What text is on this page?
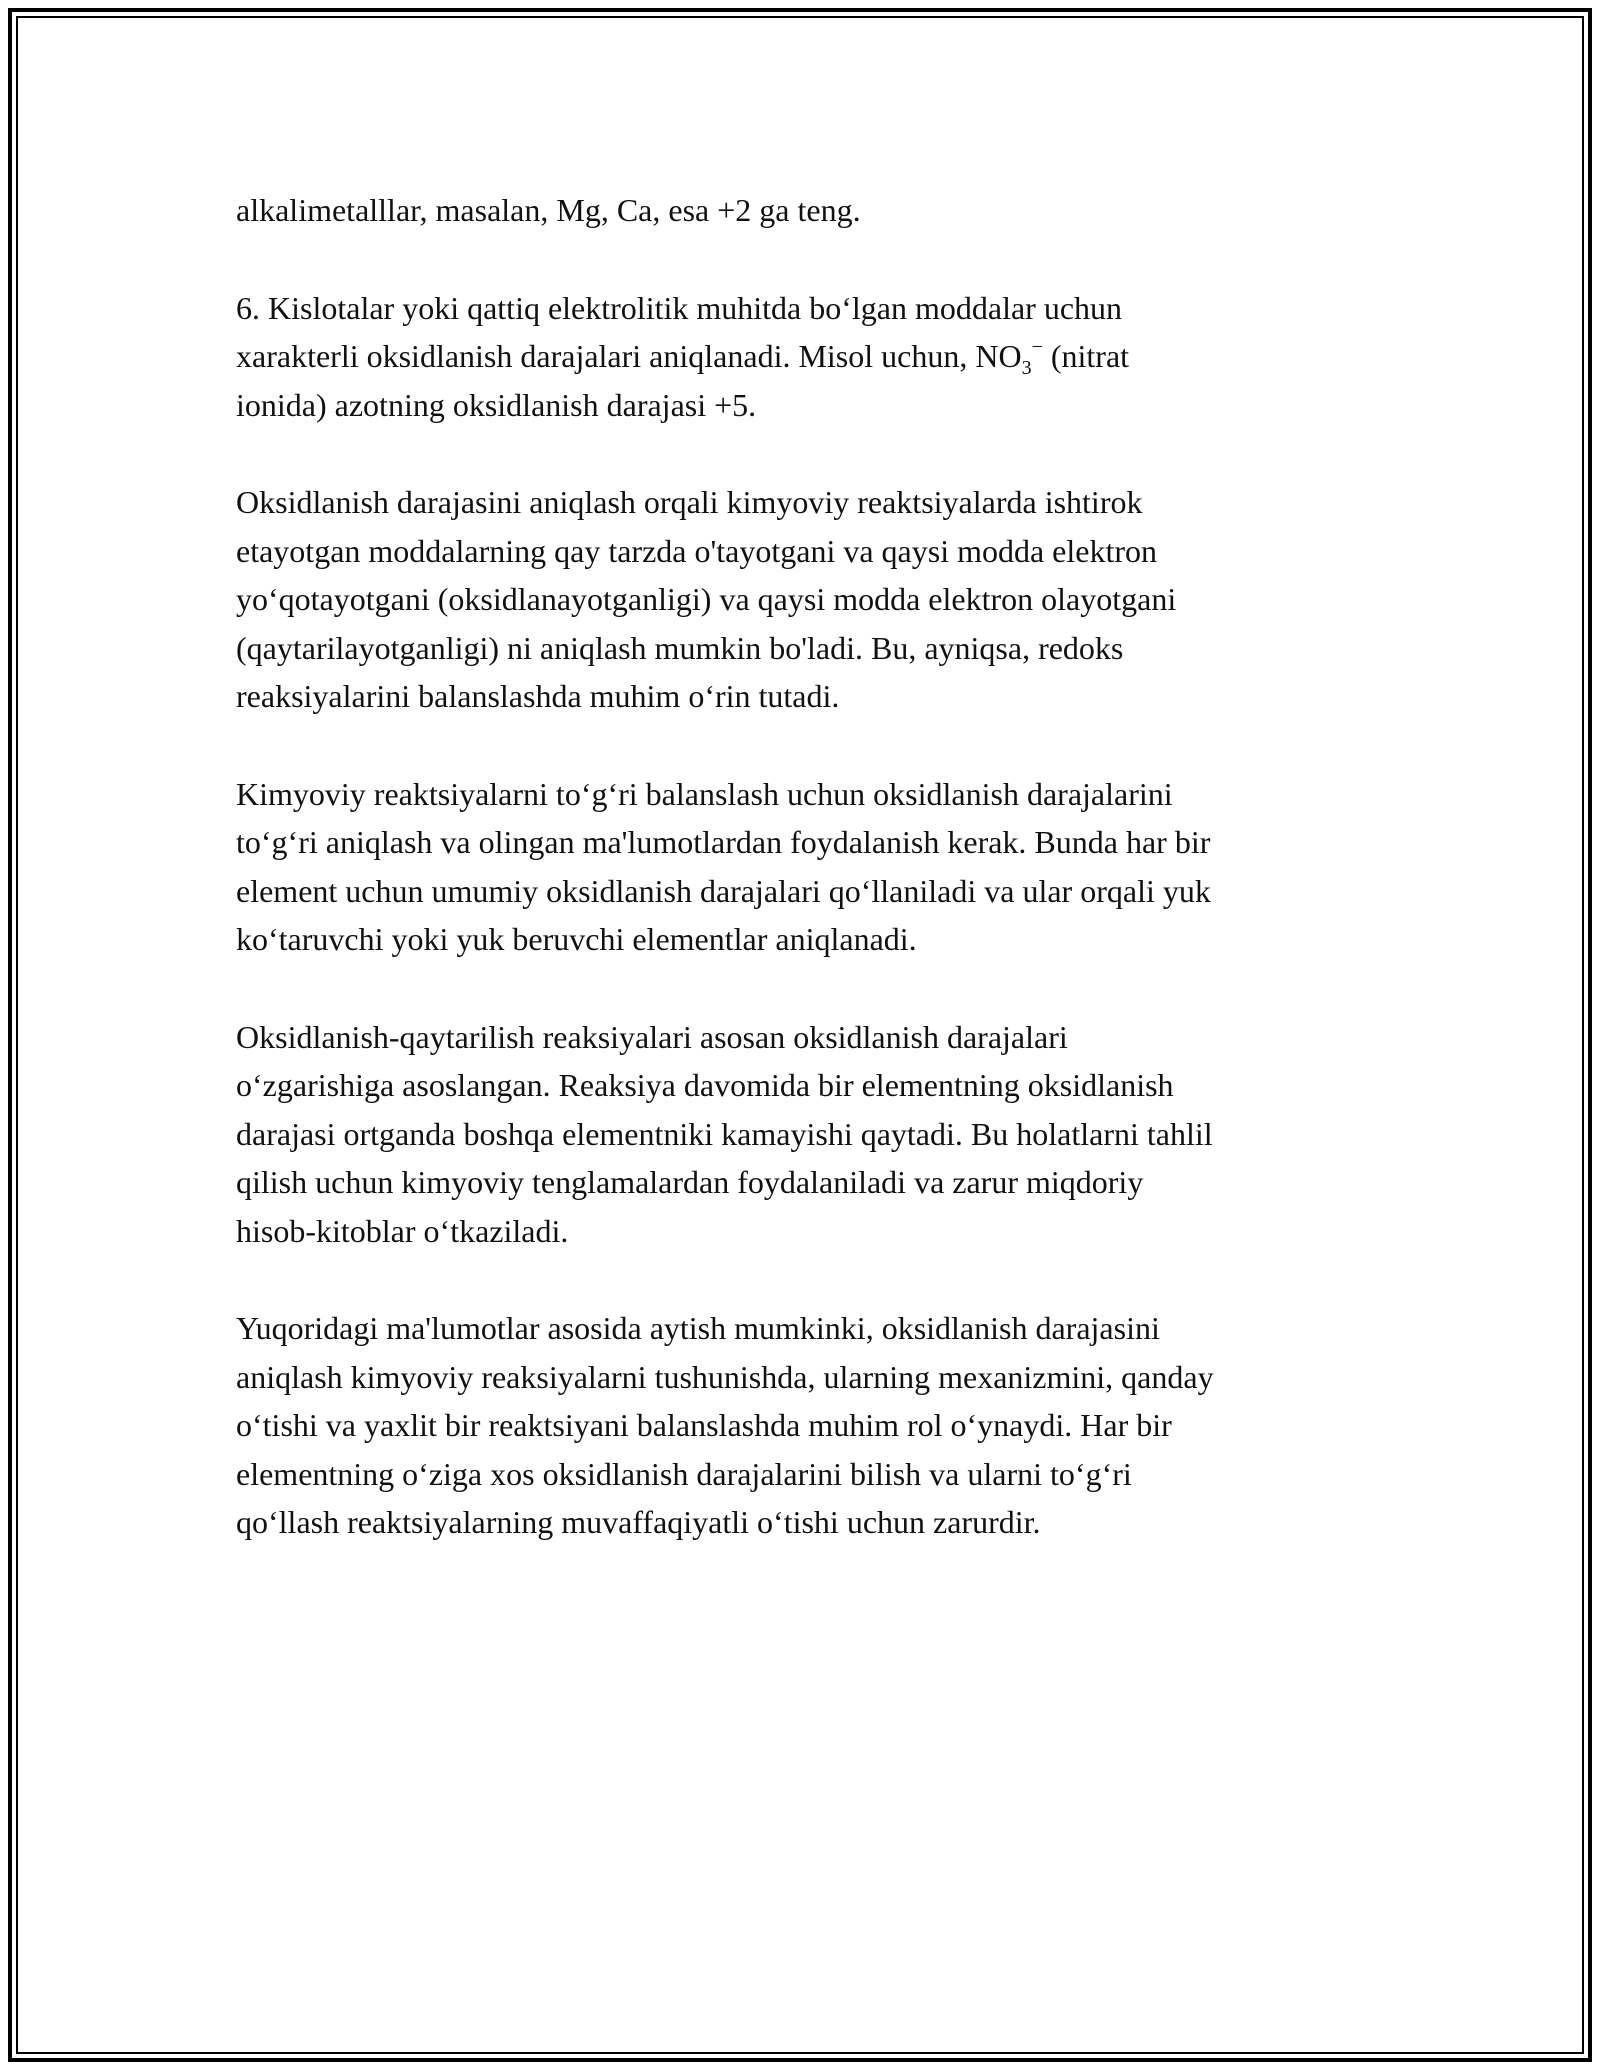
alkalimetalllar, masalan, Mg, Ca, esa +2 ga teng.

6. Kislotalar yoki qattiq elektrolitik muhitda bo‘lgan moddalar uchun
xarakterli oksidlanish darajalari aniqlanadi. Misol uchun, $NO_3^-$ (nitrat
ionida) azotning oksidlanish darajasi +5.

Oksidlanish darajasini aniqlash orqali kimyoviy reaktsiyalarda ishtirok
etayotgan moddalarning qay tarzda o'tayotgani va qaysi modda elektron
yo‘qotayotgani (oksidlanayotganligi) va qaysi modda elektron olayotgani
(qaytarilayotganligi) ni aniqlash mumkin bo'ladi. Bu, ayniqsa, redoks
reaksiyalarini balanslashda muhim o‘rin tutadi.

Kimyoviy reaktsiyalarni to‘g‘ri balanslash uchun oksidlanish darajalarini
to‘g‘ri aniqlash va olingan ma'lumotlardan foydalanish kerak. Bunda har bir
element uchun umumiy oksidlanish darajalari qo‘llaniladi va ular orqali yuk
ko‘taruvchi yoki yuk beruvchi elementlar aniqlanadi.

Oksidlanish-qaytarilish reaksiyalari asosan oksidlanish darajalari
o‘zgarishiga asoslangan. Reaksiya davomida bir elementning oksidlanish
darajasi ortganda boshqa elementniki kamayishi qaytadi. Bu holatlarni tahlil
qilish uchun kimyoviy tenglamalardan foydalaniladi va zarur miqdoriy
hisob-kitoblar o‘tkaziladi.

Yuqoridagi ma'lumotlar asosida aytish mumkinki, oksidlanish darajasini
aniqlash kimyoviy reaksiyalarni tushunishda, ularning mexanizmini, qanday
o‘tishi va yaxlit bir reaktsiyani balanslashda muhim rol o‘ynaydi. Har bir
elementning o‘ziga xos oksidlanish darajalarini bilish va ularni to‘g‘ri
qo‘llash reaktsiyalarning muvaffaqiyatli o‘tishi uchun zarurdir.
